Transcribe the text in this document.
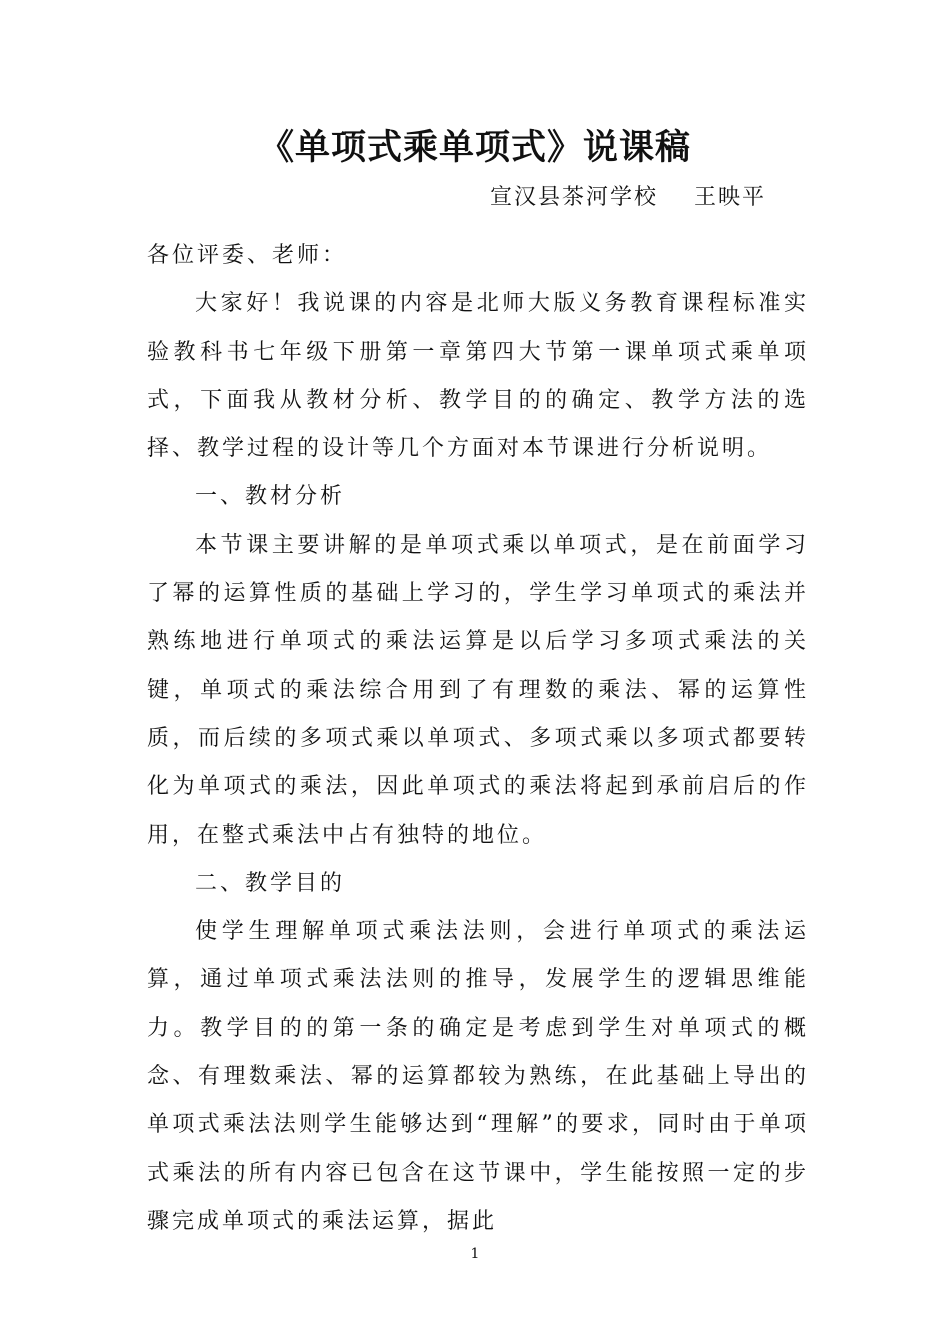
《单项式乘单项式》说课稿
宣汉县茶河学校    王映平

各位评委、老师：

大家好！我说课的内容是北师大版义务教育课程标准实验教科书七年级下册第一章第四大节第一课单项式乘单项式，下面我从教材分析、教学目的的确定、教学方法的选择、教学过程的设计等几个方面对本节课进行分析说明。

一、教材分析

本节课主要讲解的是单项式乘以单项式，是在前面学习了幂的运算性质的基础上学习的，学生学习单项式的乘法并熟练地进行单项式的乘法运算是以后学习多项式乘法的关键，单项式的乘法综合用到了有理数的乘法、幂的运算性质，而后续的多项式乘以单项式、多项式乘以多项式都要转化为单项式的乘法，因此单项式的乘法将起到承前启后的作用，在整式乘法中占有独特的地位。

二、教学目的

使学生理解单项式乘法法则，会进行单项式的乘法运算，通过单项式乘法法则的推导，发展学生的逻辑思维能力。教学目的的第一条的确定是考虑到学生对单项式的概念、有理数乘法、幂的运算都较为熟练，在此基础上导出的单项式乘法法则学生能够达到“理解”的要求，同时由于单项式乘法的所有内容已包含在这节课中，学生能按照一定的步骤完成单项式的乘法运算，据此

1
